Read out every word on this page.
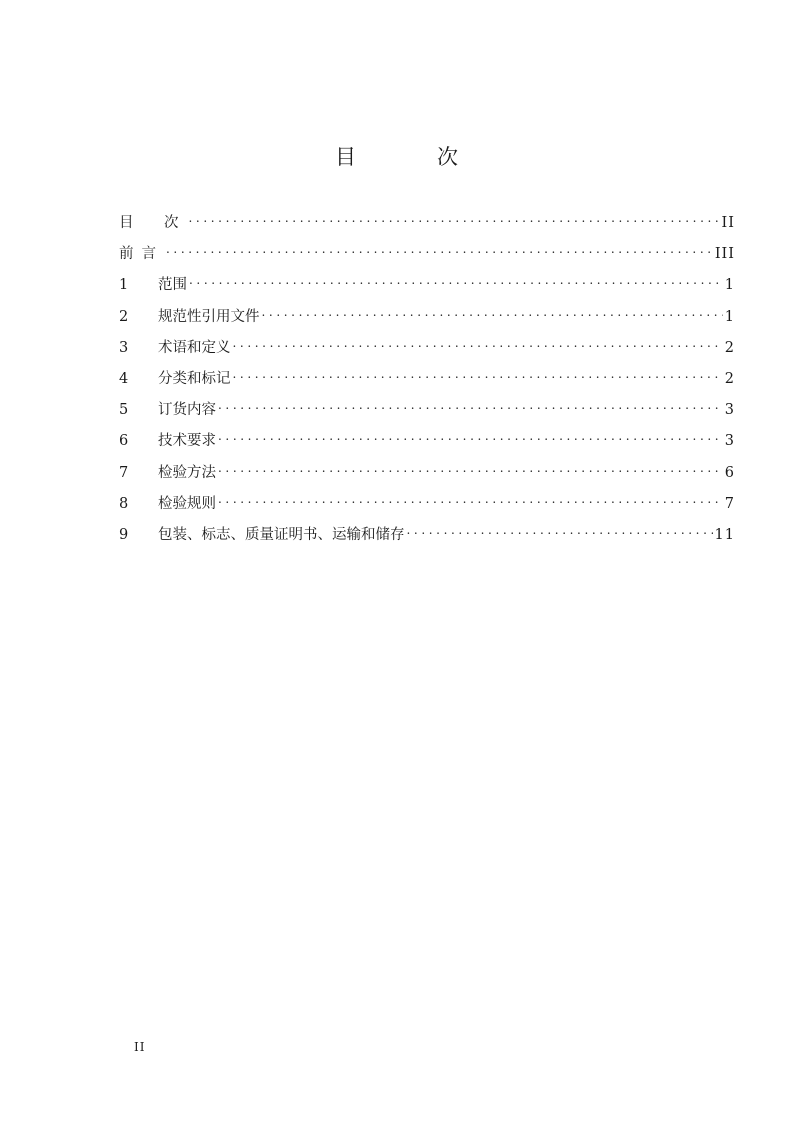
目　次
目　次 .....	II
前言 .....	III
1	范围 .....	1
2	规范性引用文件 .....	1
3	术语和定义 .....	2
4	分类和标记 .....	2
5	订货内容 .....	3
6	技术要求 .....	3
7	检验方法 .....	6
8	检验规则 .....	7
9	包装、标志、质量证明书、运输和储存 .....	11
II
